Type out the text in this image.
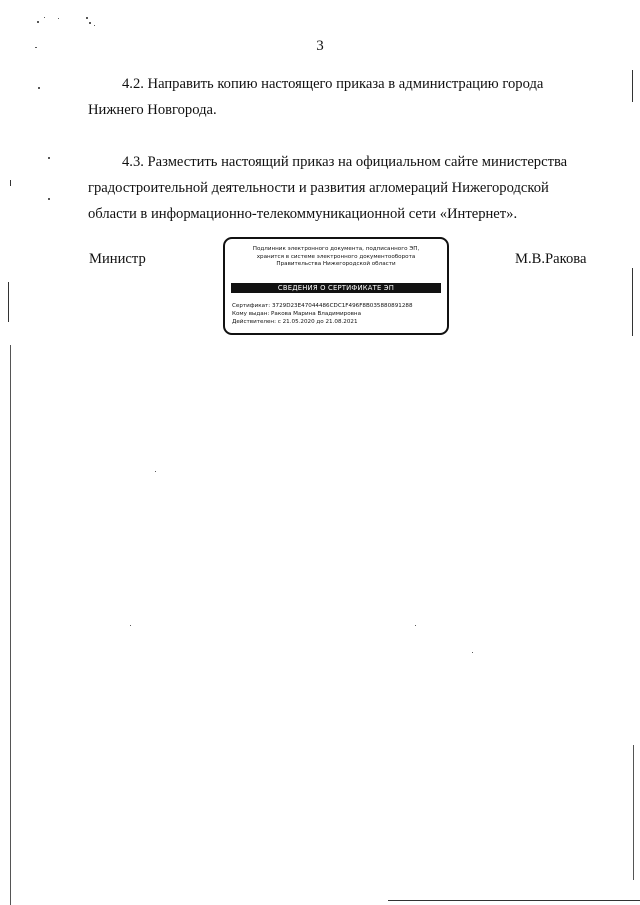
3

4.2. Направить копию настоящего приказа в администрацию города
Нижнего Новгорода.

4.3. Разместить настоящий приказ на официальном сайте министерства
градостроительной деятельности и развития агломераций Нижегородской
области в информационно-телекоммуникационной сети «Интернет».

Министр
Подлинник электронного документа, подписанного ЭП,
хранится в системе электронного документооборота
Правительства Нижегородской области
СВЕДЕНИЯ О СЕРТИФИКАТЕ ЭП
Сертификат: 3729D23E47044486CDC1F496F8B035880891288
Кому выдан: Ракова Марина Владимировна
Действителен: с 21.05.2020 до 21.08.2021
М.В.Ракова
